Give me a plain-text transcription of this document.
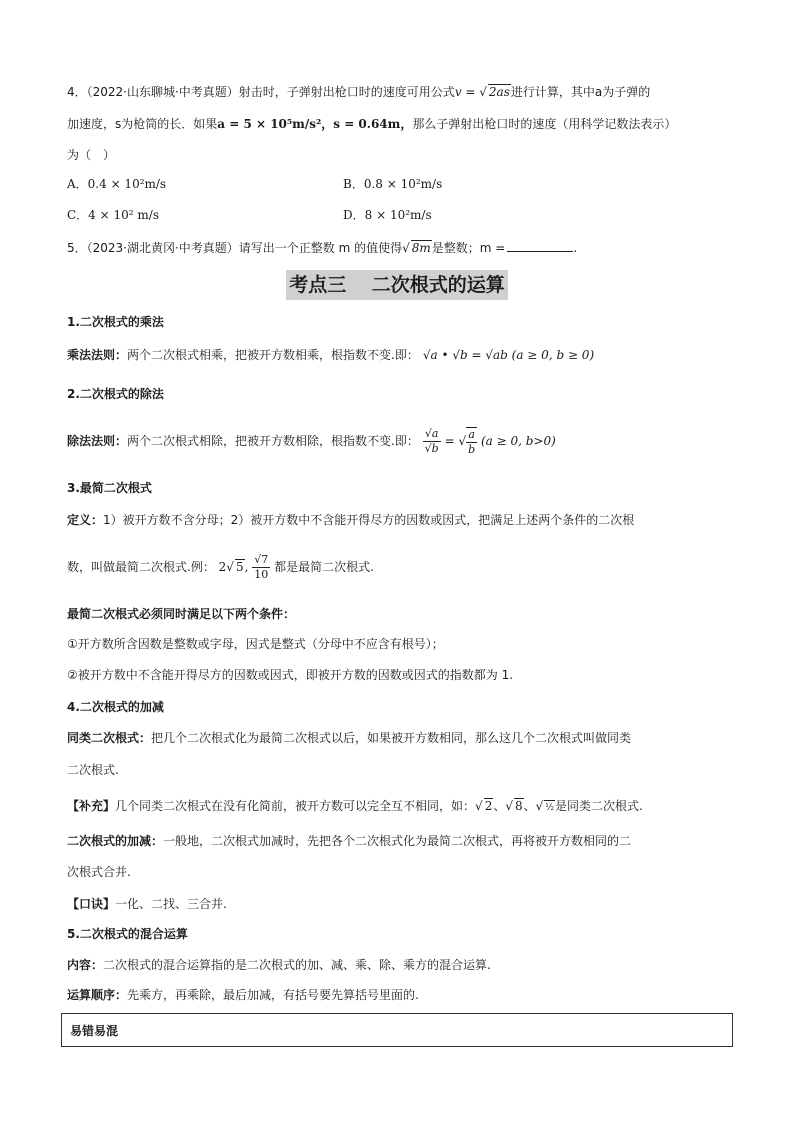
4．（2022·山东聊城·中考真题）射击时，子弹射出枪口时的速度可用公式v = √ 2as进行计算，其中a为子弹的
加速度，s为枪筒的长．如果a = 5 × 10⁵m/s²，s = 0.64m，那么子弹射出枪口时的速度（用科学记数法表示）
为（　）
A．0.4 × 10²m/s	B．0.8 × 10²m/s
C．4 × 10² m/s	D．8 × 10²m/s
5．（2023·湖北黄冈·中考真题）请写出一个正整数 m 的值使得√ 8m是整数；m =	.
考点三　 二次根式的运算
1.二次根式的乘法
乘法法则：两个二次根式相乘，把被开方数相乘，根指数不变.即： √a • √b = √ab (a ≥ 0, b ≥ 0)
2.二次根式的除法
除法法则：两个二次根式相除，把被开方数相除，根指数不变.即： $\frac{√a}{√b}$ = √ $\frac{a}{b} (a \ge 0$, b>0)
3.最简二次根式
定义：1）被开方数不含分母；2）被开方数中不含能开得尽方的因数或因式，把满足上述两个条件的二次根
数，叫做最简二次根式.例： 2√ 5, $\frac{√7}{10}$ 都是最简二次根式.
最简二次根式必须同时满足以下两个条件：
①开方数所含因数是整数或字母，因式是整式（分母中不应含有根号）；
②被开方数中不含能开得尽方的因数或因式，即被开方数的因数或因式的指数都为 1.
4.二次根式的加减
同类二次根式：把几个二次根式化为最简二次根式以后，如果被开方数相同，那么这几个二次根式叫做同类
二次根式.
【补充】几个同类二次根式在没有化简前，被开方数可以完全互不相同，如：√ 2、√ 8、√ ½是同类二次根式.
二次根式的加减：一般地，二次根式加减时，先把各个二次根式化为最简二次根式，再将被开方数相同的二
次根式合并.
【口诀】一化、二找、三合并.
5.二次根式的混合运算
内容：二次根式的混合运算指的是二次根式的加、减、乘、除、乘方的混合运算.
运算顺序：先乘方，再乘除，最后加减，有括号要先算括号里面的.
易错易混
